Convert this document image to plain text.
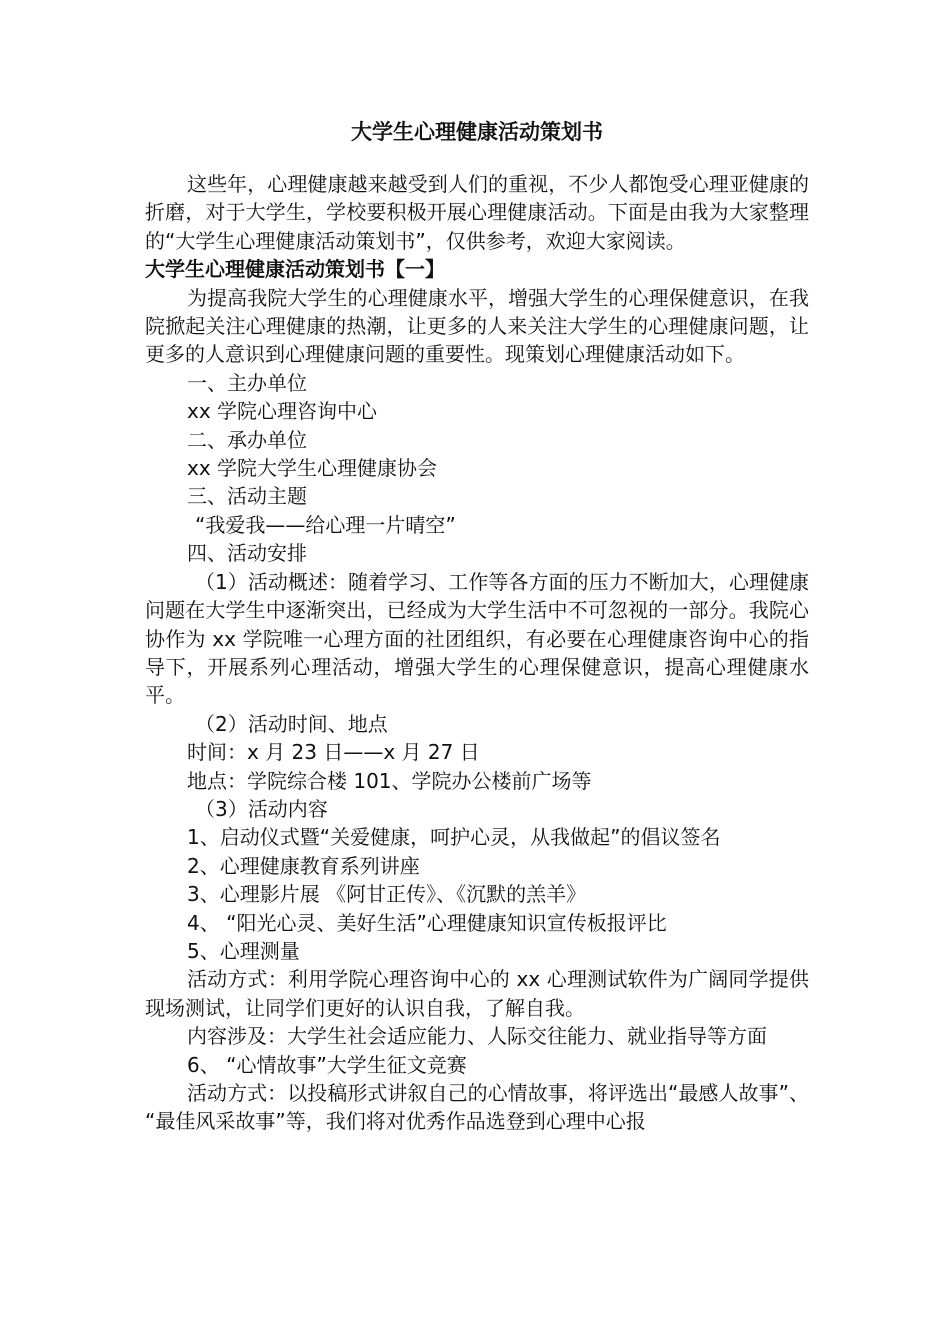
大学生心理健康活动策划书

这些年，心理健康越来越受到人们的重视，不少人都饱受心理亚健康的折磨，对于大学生，学校要积极开展心理健康活动。下面是由我为大家整理的“大学生心理健康活动策划书”，仅供参考，欢迎大家阅读。

大学生心理健康活动策划书【一】

为提高我院大学生的心理健康水平，增强大学生的心理保健意识，在我院掀起关注心理健康的热潮，让更多的人来关注大学生的心理健康问题，让更多的人意识到心理健康问题的重要性。现策划心理健康活动如下。

一、主办单位

xx 学院心理咨询中心

二、承办单位

xx 学院大学生心理健康协会

三、活动主题

“我爱我——给心理一片晴空”

四、活动安排

（1）活动概述：随着学习、工作等各方面的压力不断加大，心理健康问题在大学生中逐渐突出，已经成为大学生活中不可忽视的一部分。我院心协作为 xx 学院唯一心理方面的社团组织，有必要在心理健康咨询中心的指导下，开展系列心理活动，增强大学生的心理保健意识，提高心理健康水平。

（2）活动时间、地点

时间：x 月 23 日——x 月 27 日

地点：学院综合楼 101、学院办公楼前广场等

（3）活动内容

1、启动仪式暨“关爱健康，呵护心灵，从我做起”的倡议签名

2、心理健康教育系列讲座

3、心理影片展 《阿甘正传》、《沉默的羔羊》

4、 “阳光心灵、美好生活”心理健康知识宣传板报评比

5、心理测量

活动方式：利用学院心理咨询中心的 xx 心理测试软件为广阔同学提供现场测试，让同学们更好的认识自我，了解自我。

内容涉及：大学生社会适应能力、人际交往能力、就业指导等方面

6、 “心情故事”大学生征文竞赛

活动方式：以投稿形式讲叙自己的心情故事，将评选出“最感人故事”、 “最佳风采故事”等，我们将对优秀作品选登到心理中心报
